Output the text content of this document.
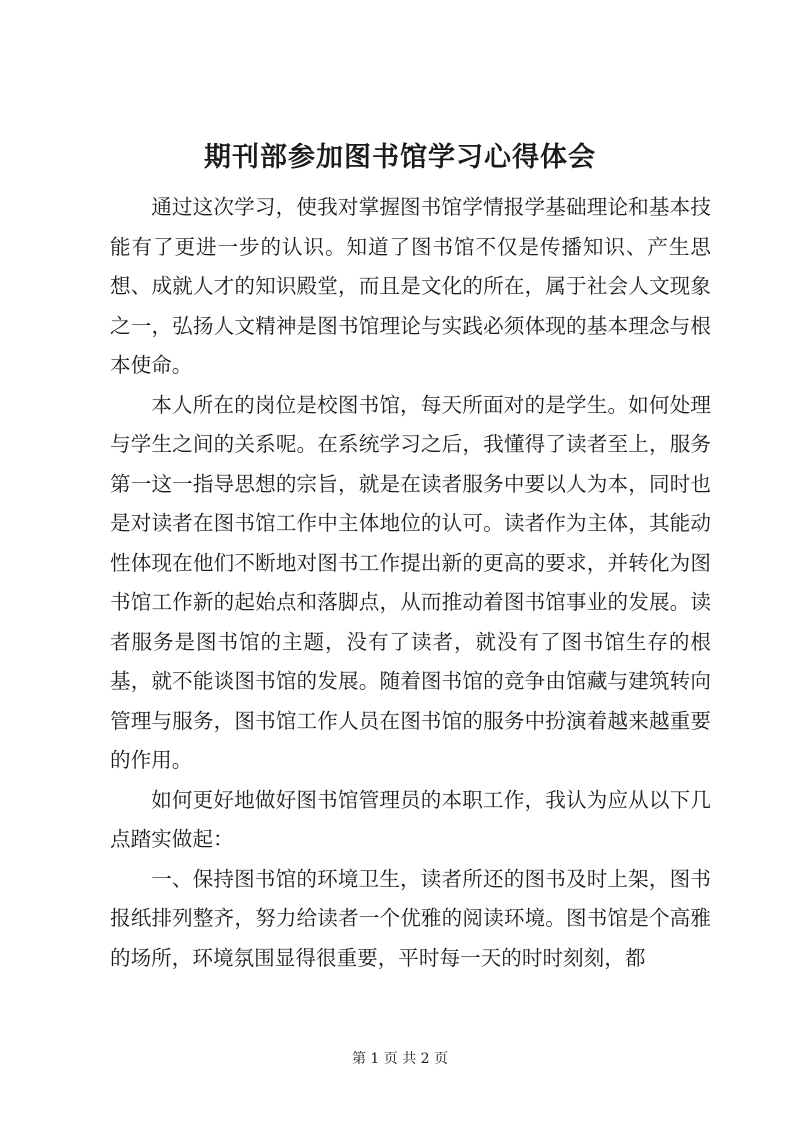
期刊部参加图书馆学习心得体会

通过这次学习，使我对掌握图书馆学情报学基础理论和基本技能有了更进一步的认识。知道了图书馆不仅是传播知识、产生思想、成就人才的知识殿堂，而且是文化的所在，属于社会人文现象之一，弘扬人文精神是图书馆理论与实践必须体现的基本理念与根本使命。

本人所在的岗位是校图书馆，每天所面对的是学生。如何处理与学生之间的关系呢。在系统学习之后，我懂得了读者至上，服务第一这一指导思想的宗旨，就是在读者服务中要以人为本，同时也是对读者在图书馆工作中主体地位的认可。读者作为主体，其能动性体现在他们不断地对图书工作提出新的更高的要求，并转化为图书馆工作新的起始点和落脚点，从而推动着图书馆事业的发展。读者服务是图书馆的主题，没有了读者，就没有了图书馆生存的根基，就不能谈图书馆的发展。随着图书馆的竞争由馆藏与建筑转向管理与服务，图书馆工作人员在图书馆的服务中扮演着越来越重要的作用。

如何更好地做好图书馆管理员的本职工作，我认为应从以下几点踏实做起：

一、保持图书馆的环境卫生，读者所还的图书及时上架，图书报纸排列整齐，努力给读者一个优雅的阅读环境。图书馆是个高雅的场所，环境氛围显得很重要，平时每一天的时时刻刻，都

第 1 页 共 2 页
